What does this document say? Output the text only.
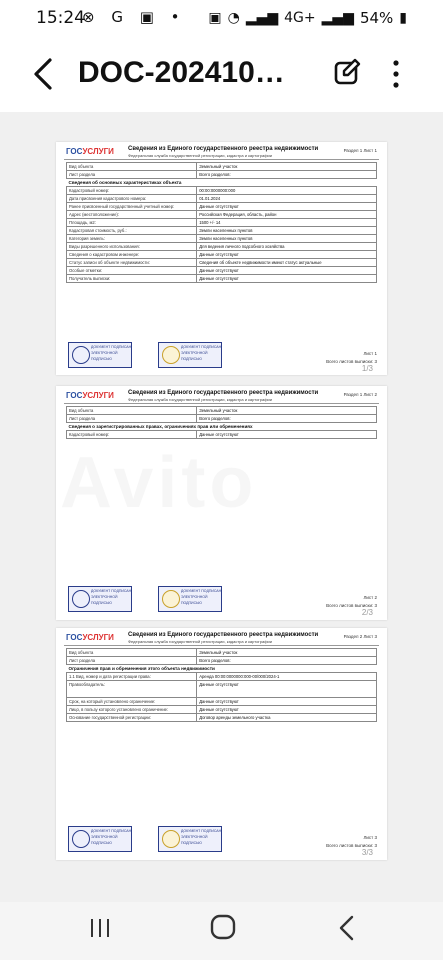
15:24
⊗ G ▣ • ▣ ◔ ▂▄▆ 4G+ ▂▄▆ 54% ▮
DOC-202410…
ГОСУСЛУГИ Сведения из Единого государственного реестра недвижимости
Федеральная служба государственной регистрации, кадастра и картографии
Раздел 1 Лист 1
Вид объекта	Земельный участок
Лист раздела	Всего разделов:
Сведения об основных характеристиках объекта	
Кадастровый номер:	00:00:0000000:000
Дата присвоения кадастрового номера:	01.01.2024
Ранее присвоенный государственный учетный номер:	Данные отсутствуют
Адрес (местоположение):	Российская Федерация, область, район
Площадь, м2:	1500 +/- 14
Кадастровая стоимость, руб.:	Земли населенных пунктов
Категория земель:	Земли населенных пунктов
Виды разрешенного использования:	Для ведения личного подсобного хозяйства
Сведения о кадастровом инженере:	Данные отсутствуют
Статус записи об объекте недвижимости:	Сведения об объекте недвижимости имеют статус актуальные
Особые отметки:	Данные отсутствуют
Получатель выписки:	Данные отсутствуют
ДОКУМЕНТ ПОДПИСАН
ЭЛЕКТРОННОЙ
ПОДПИСЬЮ
ДОКУМЕНТ ПОДПИСАН
ЭЛЕКТРОННОЙ
ПОДПИСЬЮ
Лист 1
Всего листов выписки: 3
1/3
ГОСУСЛУГИ Сведения из Единого государственного реестра недвижимости
Федеральная служба государственной регистрации, кадастра и картографии
Раздел 1 Лист 2
Вид объекта	Земельный участок
Лист раздела	Всего разделов:
Сведения о зарегистрированных правах, ограничениях прав или обременениях	
Кадастровый номер:	Данные отсутствуют
ДОКУМЕНТ ПОДПИСАН
ЭЛЕКТРОННОЙ
ПОДПИСЬЮ
ДОКУМЕНТ ПОДПИСАН
ЭЛЕКТРОННОЙ
ПОДПИСЬЮ
Лист 2
Всего листов выписки: 3
2/3
ГОСУСЛУГИ Сведения из Единого государственного реестра недвижимости
Федеральная служба государственной регистрации, кадастра и картографии
Раздел 2 Лист 3
Вид объекта	Земельный участок
Лист раздела	Всего разделов:
Ограничения прав и обременения этого объекта недвижимости	
1.1 Вид, номер и дата регистрации права:	Аренда 00:00:0000000:000-00/000/2024-1
Правообладатель:	Данные отсутствуют
Срок, на который установлено ограничение:	Данные отсутствуют
Лицо, в пользу которого установлено ограничение:	Данные отсутствуют
Основание государственной регистрации:	Договор аренды земельного участка
ДОКУМЕНТ ПОДПИСАН
ЭЛЕКТРОННОЙ
ПОДПИСЬЮ
ДОКУМЕНТ ПОДПИСАН
ЭЛЕКТРОННОЙ
ПОДПИСЬЮ
Лист 3
Всего листов выписки: 3
3/3
